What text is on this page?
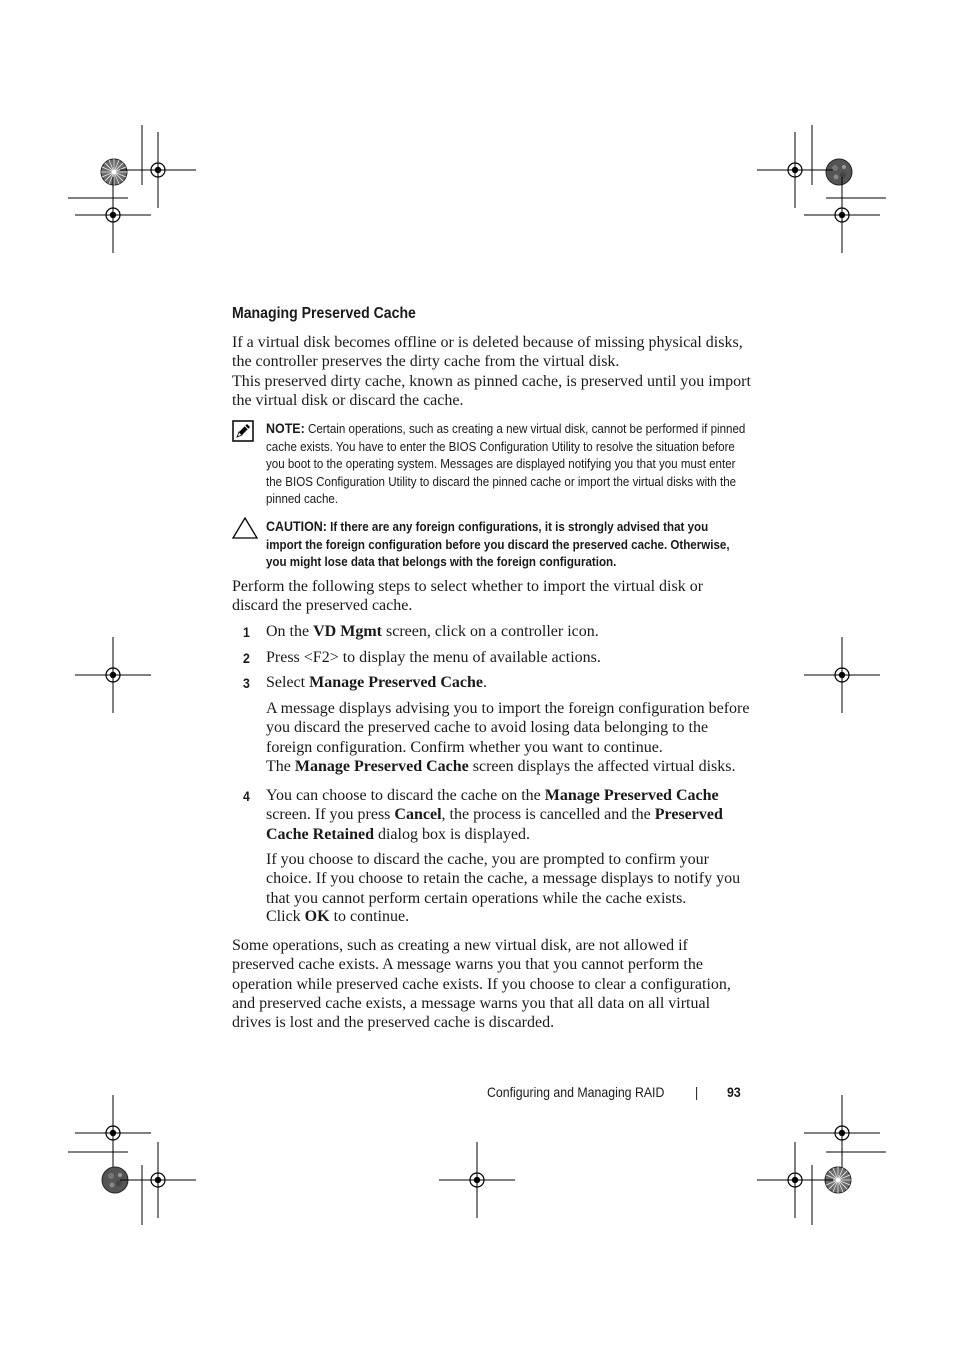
Managing Preserved Cache
If a virtual disk becomes offline or is deleted because of missing physical disks, the controller preserves the dirty cache from the virtual disk.
This preserved dirty cache, known as pinned cache, is preserved until you import the virtual disk or discard the cache.
NOTE: Certain operations, such as creating a new virtual disk, cannot be performed if pinned cache exists. You have to enter the BIOS Configuration Utility to resolve the situation before you boot to the operating system. Messages are displayed notifying you that you must enter the BIOS Configuration Utility to discard the pinned cache or import the virtual disks with the pinned cache.
CAUTION: If there are any foreign configurations, it is strongly advised that you import the foreign configuration before you discard the preserved cache. Otherwise, you might lose data that belongs with the foreign configuration.
Perform the following steps to select whether to import the virtual disk or discard the preserved cache.
1 On the VD Mgmt screen, click on a controller icon.
2 Press <F2> to display the menu of available actions.
3 Select Manage Preserved Cache.
A message displays advising you to import the foreign configuration before you discard the preserved cache to avoid losing data belonging to the foreign configuration. Confirm whether you want to continue.
The Manage Preserved Cache screen displays the affected virtual disks.
4 You can choose to discard the cache on the Manage Preserved Cache screen. If you press Cancel, the process is cancelled and the Preserved Cache Retained dialog box is displayed.
If you choose to discard the cache, you are prompted to confirm your choice. If you choose to retain the cache, a message displays to notify you that you cannot perform certain operations while the cache exists.
Click OK to continue.
Some operations, such as creating a new virtual disk, are not allowed if preserved cache exists. A message warns you that you cannot perform the operation while preserved cache exists. If you choose to clear a configuration, and preserved cache exists, a message warns you that all data on all virtual drives is lost and the preserved cache is discarded.
Configuring and Managing RAID | 93
